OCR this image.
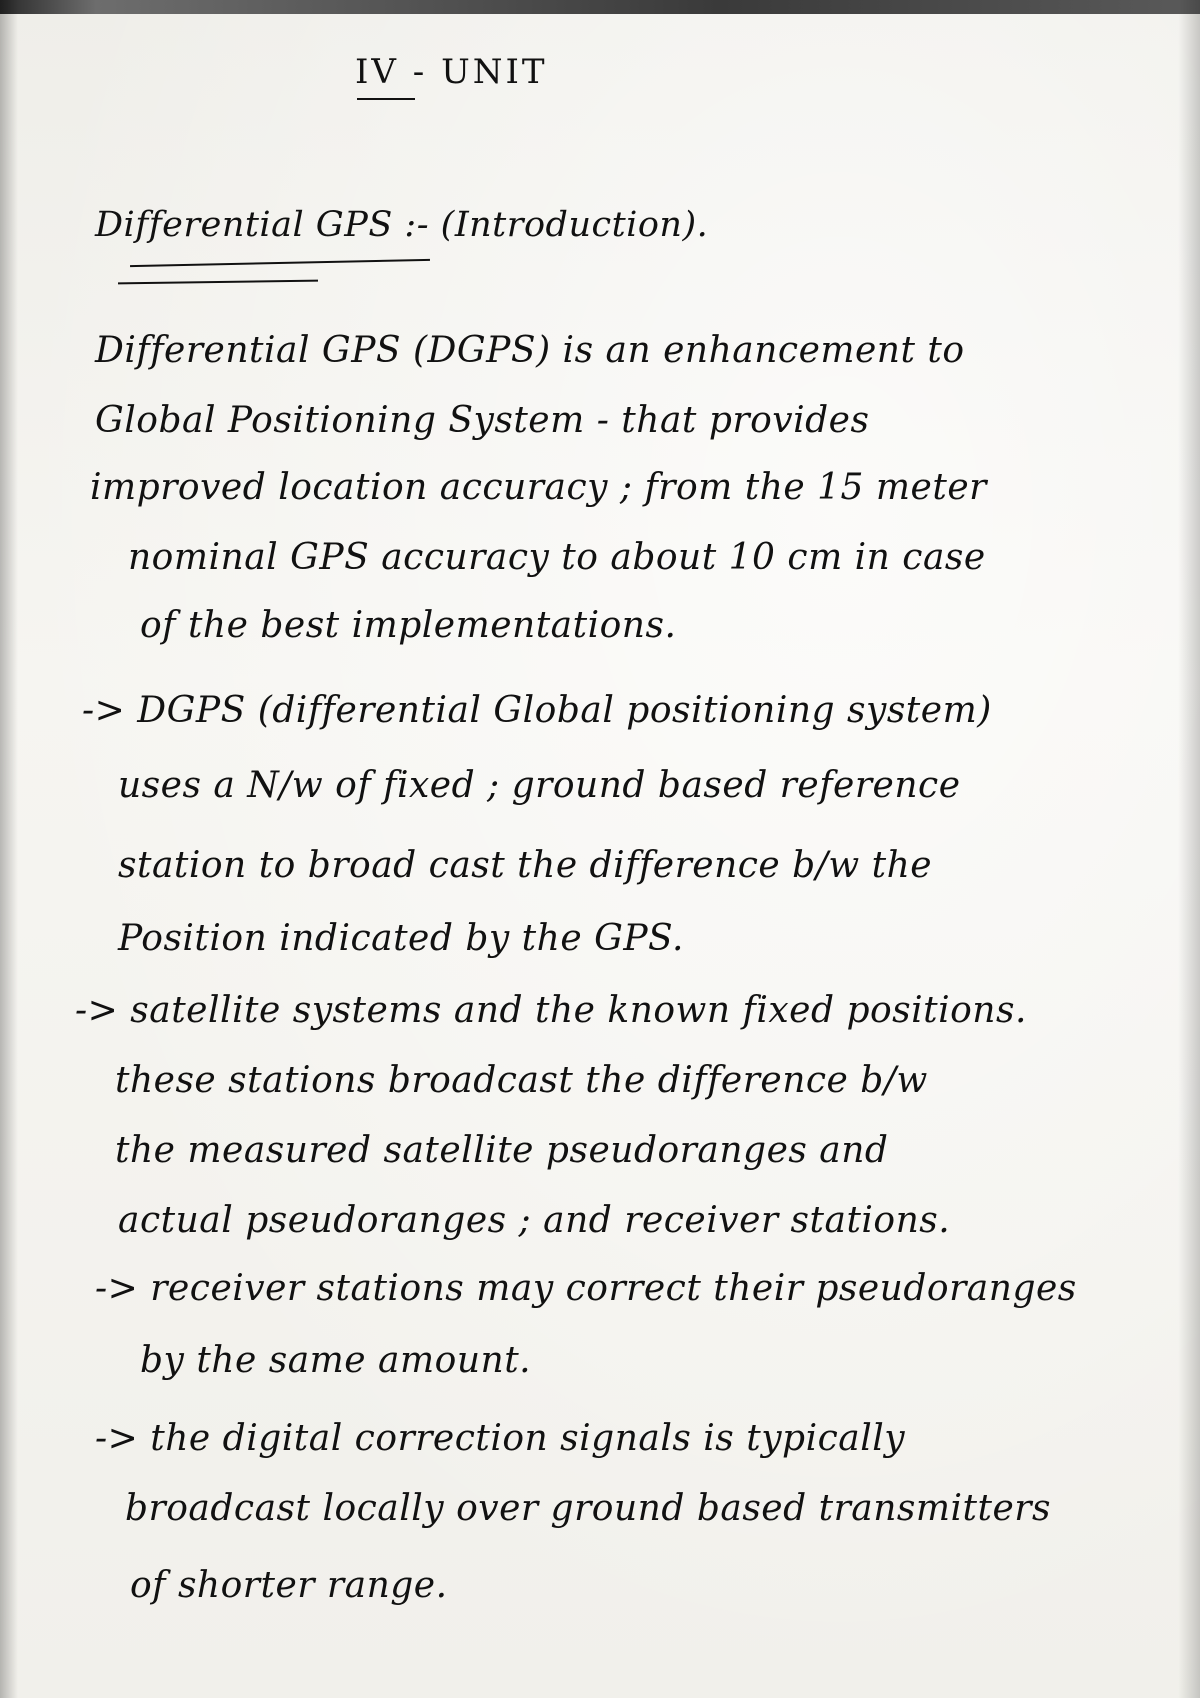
IV - UNIT
Differential GPS :- (Introduction).
Differential GPS (DGPS) is an enhancement to
Global Positioning System - that provides
improved location accuracy ; from the 15 meter
nominal GPS accuracy to about 10 cm in case
of the best implementations.
-> DGPS (differential Global positioning system)
uses a N/w of fixed ; ground based reference
station to broad cast the difference b/w the
Position indicated by the GPS.
-> satellite systems and the known fixed positions.
these stations broadcast the difference b/w
the measured satellite pseudoranges and
actual pseudoranges ; and receiver stations.
-> receiver stations may correct their pseudoranges
by the same amount.
-> the digital correction signals is typically
broadcast locally over ground based transmitters
of shorter range.
